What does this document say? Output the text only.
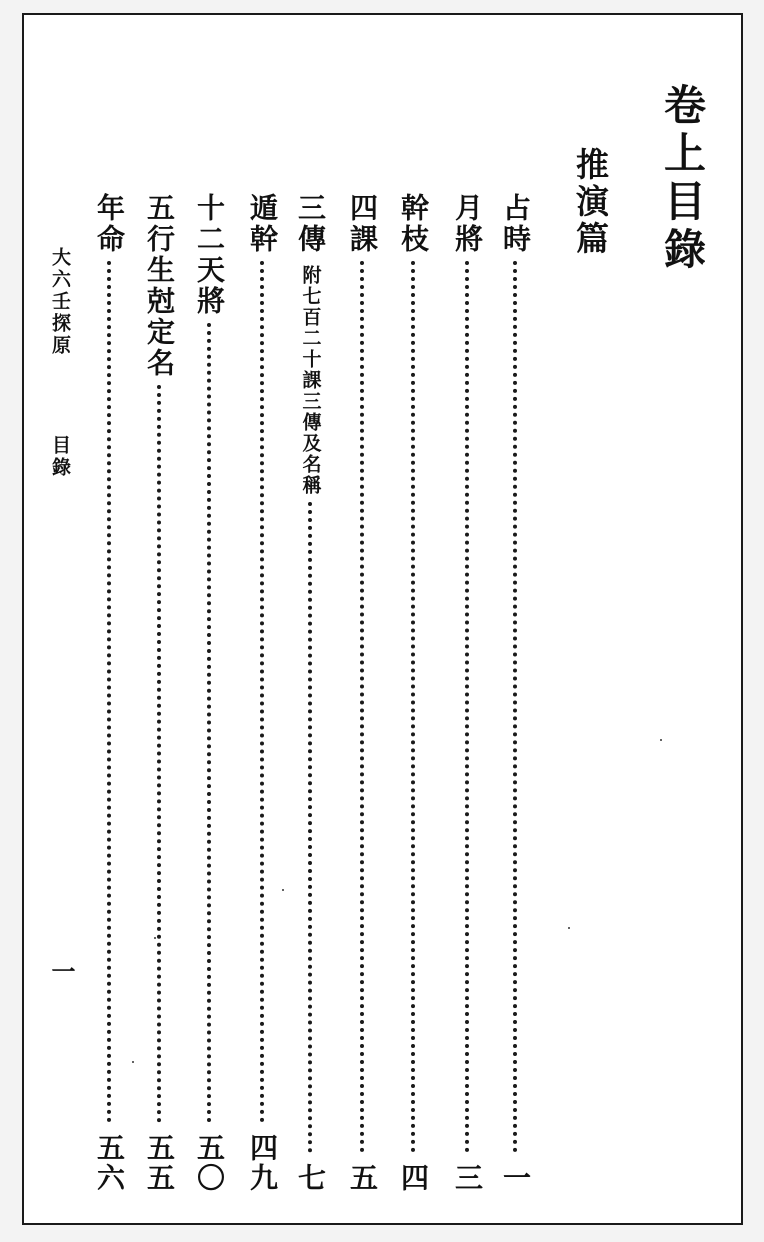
卷上目錄
推演篇
占時
一
月將
三
幹枝
四
四課
五
三傳
附七百二十課三傳及名稱
七
遁幹
四九
十二天將
五〇
五行生尅定名
五五
年命
五六
大六壬探原
目錄
一
